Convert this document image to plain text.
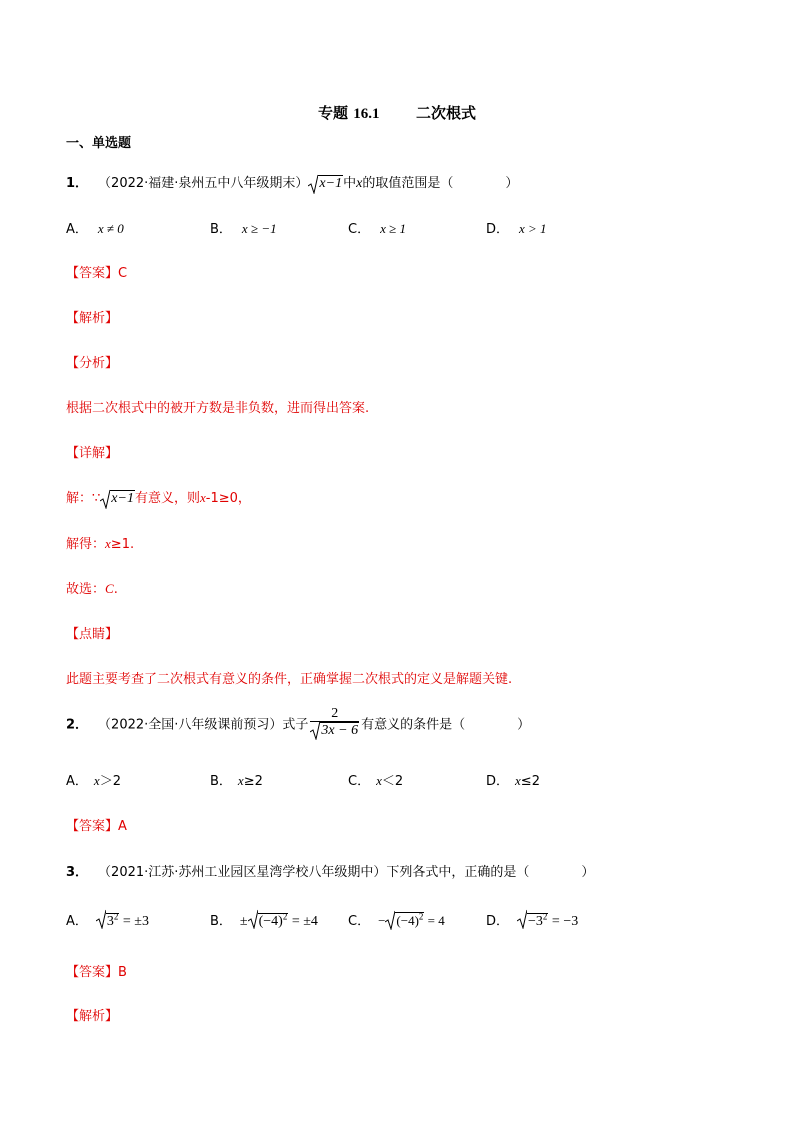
专题 16.1 二次根式
一、单选题
1． （2022·福建·泉州五中八年级期末） x−1中x的取值范围是（　　　　）
A． x ≠ 0	B． x ≥ −1	C． x ≥ 1	D． x > 1
【答案】C
【解析】
【分析】
根据二次根式中的被开方数是非负数，进而得出答案.
【详解】
解：∵ x−1有意义，则x-1≥0，
解得：x≥1.
故选：C.
【点睛】
此题主要考查了二次根式有意义的条件，正确掌握二次根式的定义是解题关键.
2． （2022·全国·八年级课前预习）式子 $\frac{2}{3x - 6}$ 有意义的条件是（　　　　）
A． x＞2	B． x≥2	C． x＜2	D． x≤2
【答案】A
3． （2021·江苏·苏州工业园区星湾学校八年级期中）下列各式中，正确的是（　　　　）
A． $3^2 = \pm 3$	B． ± $(-4)^2 = \pm 4$ C． − $(-4)^2 = 4$	D． $-3^2 = -3$
【答案】B
【解析】
